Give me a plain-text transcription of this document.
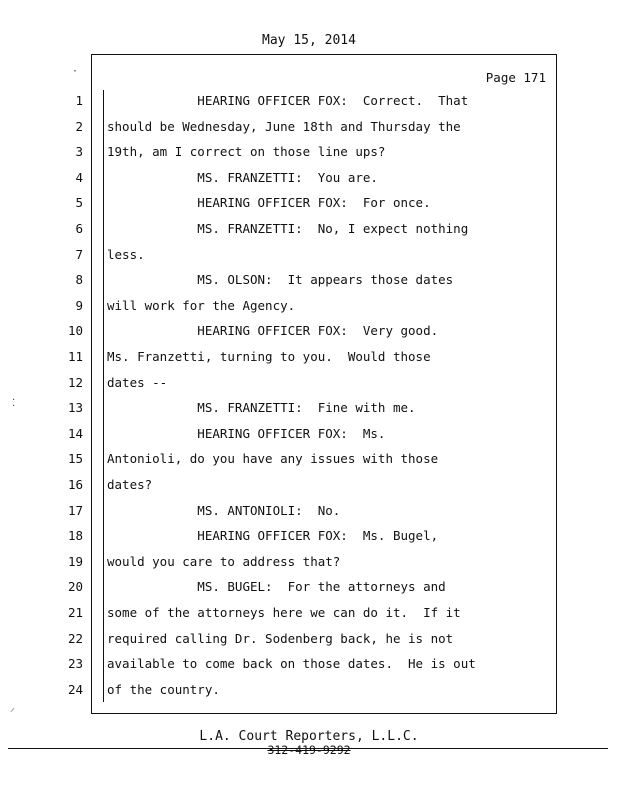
May 15, 2014
Page 171
1 HEARING OFFICER FOX:  Correct.  That
2 should be Wednesday, June 18th and Thursday the
3 19th, am I correct on those line ups?
4 MS. FRANZETTI:  You are.
5 HEARING OFFICER FOX:  For once.
6 MS. FRANZETTI:  No, I expect nothing
7 less.
8 MS. OLSON:  It appears those dates
9 will work for the Agency.
10 HEARING OFFICER FOX:  Very good.
11 Ms. Franzetti, turning to you.  Would those
12 dates --
13 MS. FRANZETTI:  Fine with me.
14 HEARING OFFICER FOX:  Ms.
15 Antonioli, do you have any issues with those
16 dates?
17 MS. ANTONIOLI:  No.
18 HEARING OFFICER FOX:  Ms. Bugel,
19 would you care to address that?
20 MS. BUGEL:  For the attorneys and
21 some of the attorneys here we can do it.  If it
22 required calling Dr. Sodenberg back, he is not
23 available to come back on those dates.  He is out
24 of the country.
L.A. Court Reporters, L.L.C.
312-419-9292
⁚
⸝
·
